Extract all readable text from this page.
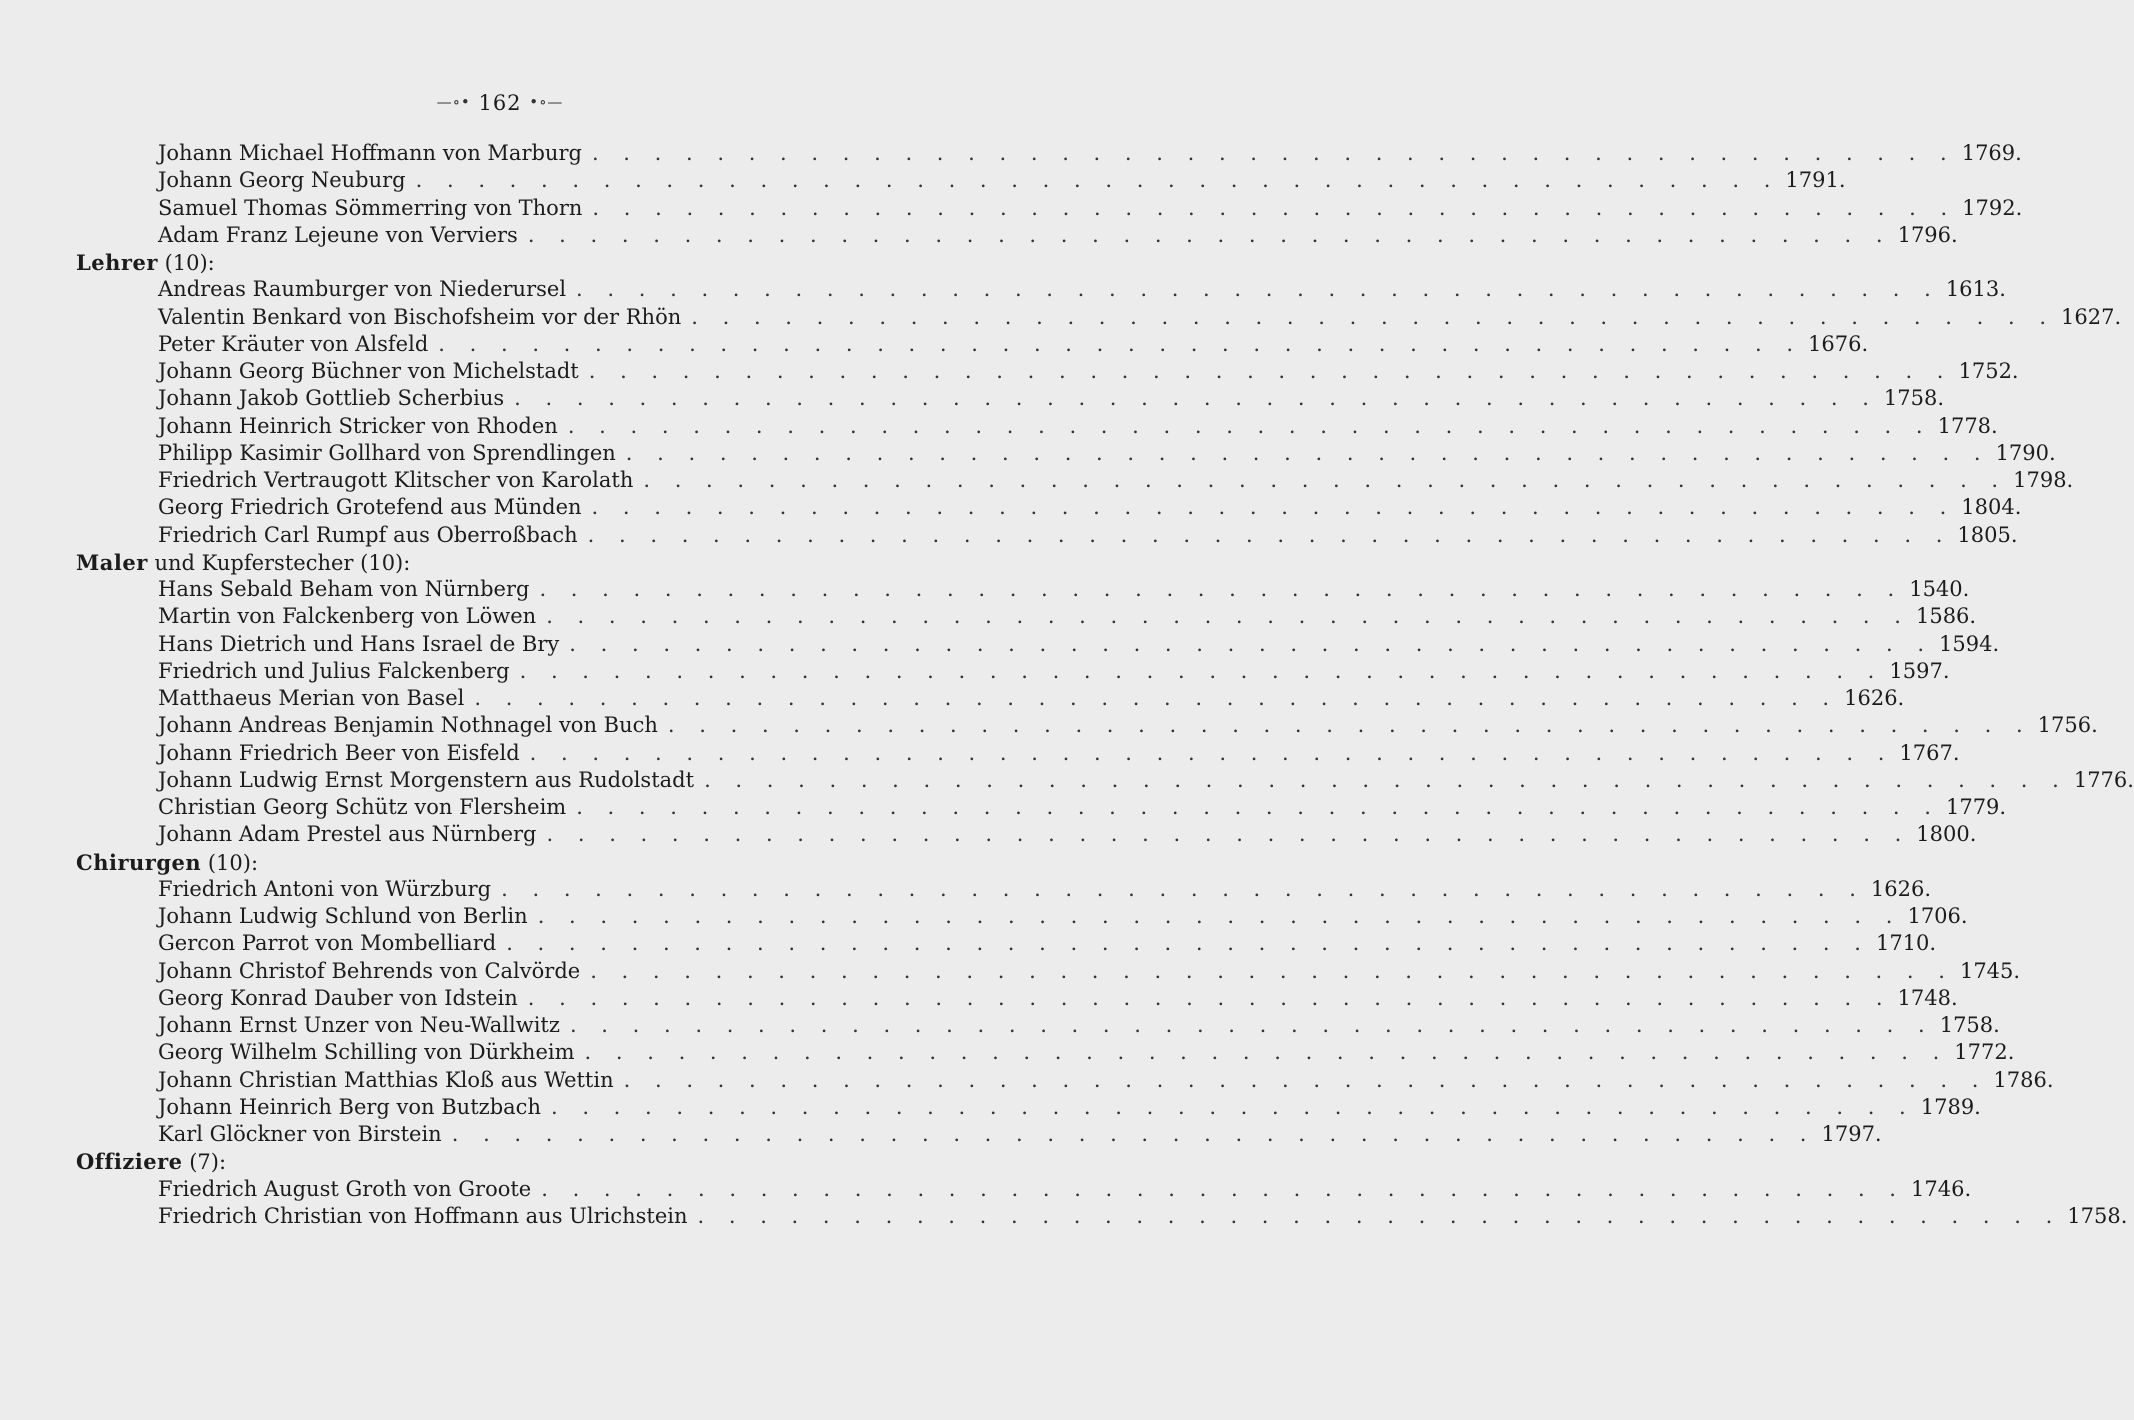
—∘• 162 •∘—
Johann Michael Hoffmann von Marburg . . . . . . . . . . . . . . . . . . . . . . . . . . . . . . . . . . . . . . . . . . . . 1769.
Johann Georg Neuburg . . . . . . . . . . . . . . . . . . . . . . . . . . . . . . . . . . . . . . . . . . . . 1791.
Samuel Thomas Sömmerring von Thorn . . . . . . . . . . . . . . . . . . . . . . . . . . . . . . . . . . . . . . . . . . . . 1792.
Adam Franz Lejeune von Verviers . . . . . . . . . . . . . . . . . . . . . . . . . . . . . . . . . . . . . . . . . . . . 1796.
Lehrer
(10):
Andreas Raumburger von Niederursel . . . . . . . . . . . . . . . . . . . . . . . . . . . . . . . . . . . . . . . . . . . . 1613.
Valentin Benkard von Bischofsheim vor der Rhön . . . . . . . . . . . . . . . . . . . . . . . . . . . . . . . . . . . . . . . . . . . . 1627.
Peter Kräuter von Alsfeld . . . . . . . . . . . . . . . . . . . . . . . . . . . . . . . . . . . . . . . . . . . . 1676.
Johann Georg Büchner von Michelstadt . . . . . . . . . . . . . . . . . . . . . . . . . . . . . . . . . . . . . . . . . . . . 1752.
Johann Jakob Gottlieb Scherbius . . . . . . . . . . . . . . . . . . . . . . . . . . . . . . . . . . . . . . . . . . . . 1758.
Johann Heinrich Stricker von Rhoden . . . . . . . . . . . . . . . . . . . . . . . . . . . . . . . . . . . . . . . . . . . . 1778.
Philipp Kasimir Gollhard von Sprendlingen . . . . . . . . . . . . . . . . . . . . . . . . . . . . . . . . . . . . . . . . . . . . 1790.
Friedrich Vertraugott Klitscher von Karolath . . . . . . . . . . . . . . . . . . . . . . . . . . . . . . . . . . . . . . . . . . . . 1798.
Georg Friedrich Grotefend aus Münden . . . . . . . . . . . . . . . . . . . . . . . . . . . . . . . . . . . . . . . . . . . . 1804.
Friedrich Carl Rumpf aus Oberroßbach . . . . . . . . . . . . . . . . . . . . . . . . . . . . . . . . . . . . . . . . . . . . 1805.
Maler
und Kupferstecher
(10):
Hans Sebald Beham von Nürnberg . . . . . . . . . . . . . . . . . . . . . . . . . . . . . . . . . . . . . . . . . . . . 1540.
Martin von Falckenberg von Löwen . . . . . . . . . . . . . . . . . . . . . . . . . . . . . . . . . . . . . . . . . . . . 1586.
Hans Dietrich und Hans Israel de Bry . . . . . . . . . . . . . . . . . . . . . . . . . . . . . . . . . . . . . . . . . . . . 1594.
Friedrich und Julius Falckenberg . . . . . . . . . . . . . . . . . . . . . . . . . . . . . . . . . . . . . . . . . . . . 1597.
Matthaeus Merian von Basel . . . . . . . . . . . . . . . . . . . . . . . . . . . . . . . . . . . . . . . . . . . . 1626.
Johann Andreas Benjamin Nothnagel von Buch . . . . . . . . . . . . . . . . . . . . . . . . . . . . . . . . . . . . . . . . . . . . 1756.
Johann Friedrich Beer von Eisfeld . . . . . . . . . . . . . . . . . . . . . . . . . . . . . . . . . . . . . . . . . . . . 1767.
Johann Ludwig Ernst Morgenstern aus Rudolstadt . . . . . . . . . . . . . . . . . . . . . . . . . . . . . . . . . . . . . . . . . . . . 1776.
Christian Georg Schütz von Flersheim . . . . . . . . . . . . . . . . . . . . . . . . . . . . . . . . . . . . . . . . . . . . 1779.
Johann Adam Prestel aus Nürnberg . . . . . . . . . . . . . . . . . . . . . . . . . . . . . . . . . . . . . . . . . . . . 1800.
Chirurgen
(10):
Friedrich Antoni von Würzburg . . . . . . . . . . . . . . . . . . . . . . . . . . . . . . . . . . . . . . . . . . . . 1626.
Johann Ludwig Schlund von Berlin . . . . . . . . . . . . . . . . . . . . . . . . . . . . . . . . . . . . . . . . . . . . 1706.
Gercon Parrot von Mombelliard . . . . . . . . . . . . . . . . . . . . . . . . . . . . . . . . . . . . . . . . . . . . 1710.
Johann Christof Behrends von Calvörde . . . . . . . . . . . . . . . . . . . . . . . . . . . . . . . . . . . . . . . . . . . . 1745.
Georg Konrad Dauber von Idstein . . . . . . . . . . . . . . . . . . . . . . . . . . . . . . . . . . . . . . . . . . . . 1748.
Johann Ernst Unzer von Neu-Wallwitz . . . . . . . . . . . . . . . . . . . . . . . . . . . . . . . . . . . . . . . . . . . . 1758.
Georg Wilhelm Schilling von Dürkheim . . . . . . . . . . . . . . . . . . . . . . . . . . . . . . . . . . . . . . . . . . . . 1772.
Johann Christian Matthias Kloß aus Wettin . . . . . . . . . . . . . . . . . . . . . . . . . . . . . . . . . . . . . . . . . . . . 1786.
Johann Heinrich Berg von Butzbach . . . . . . . . . . . . . . . . . . . . . . . . . . . . . . . . . . . . . . . . . . . . 1789.
Karl Glöckner von Birstein . . . . . . . . . . . . . . . . . . . . . . . . . . . . . . . . . . . . . . . . . . . . 1797.
Offiziere
(7):
Friedrich August Groth von Groote . . . . . . . . . . . . . . . . . . . . . . . . . . . . . . . . . . . . . . . . . . . . 1746.
Friedrich Christian von Hoffmann aus Ulrichstein . . . . . . . . . . . . . . . . . . . . . . . . . . . . . . . . . . . . . . . . . . . . 1758.
